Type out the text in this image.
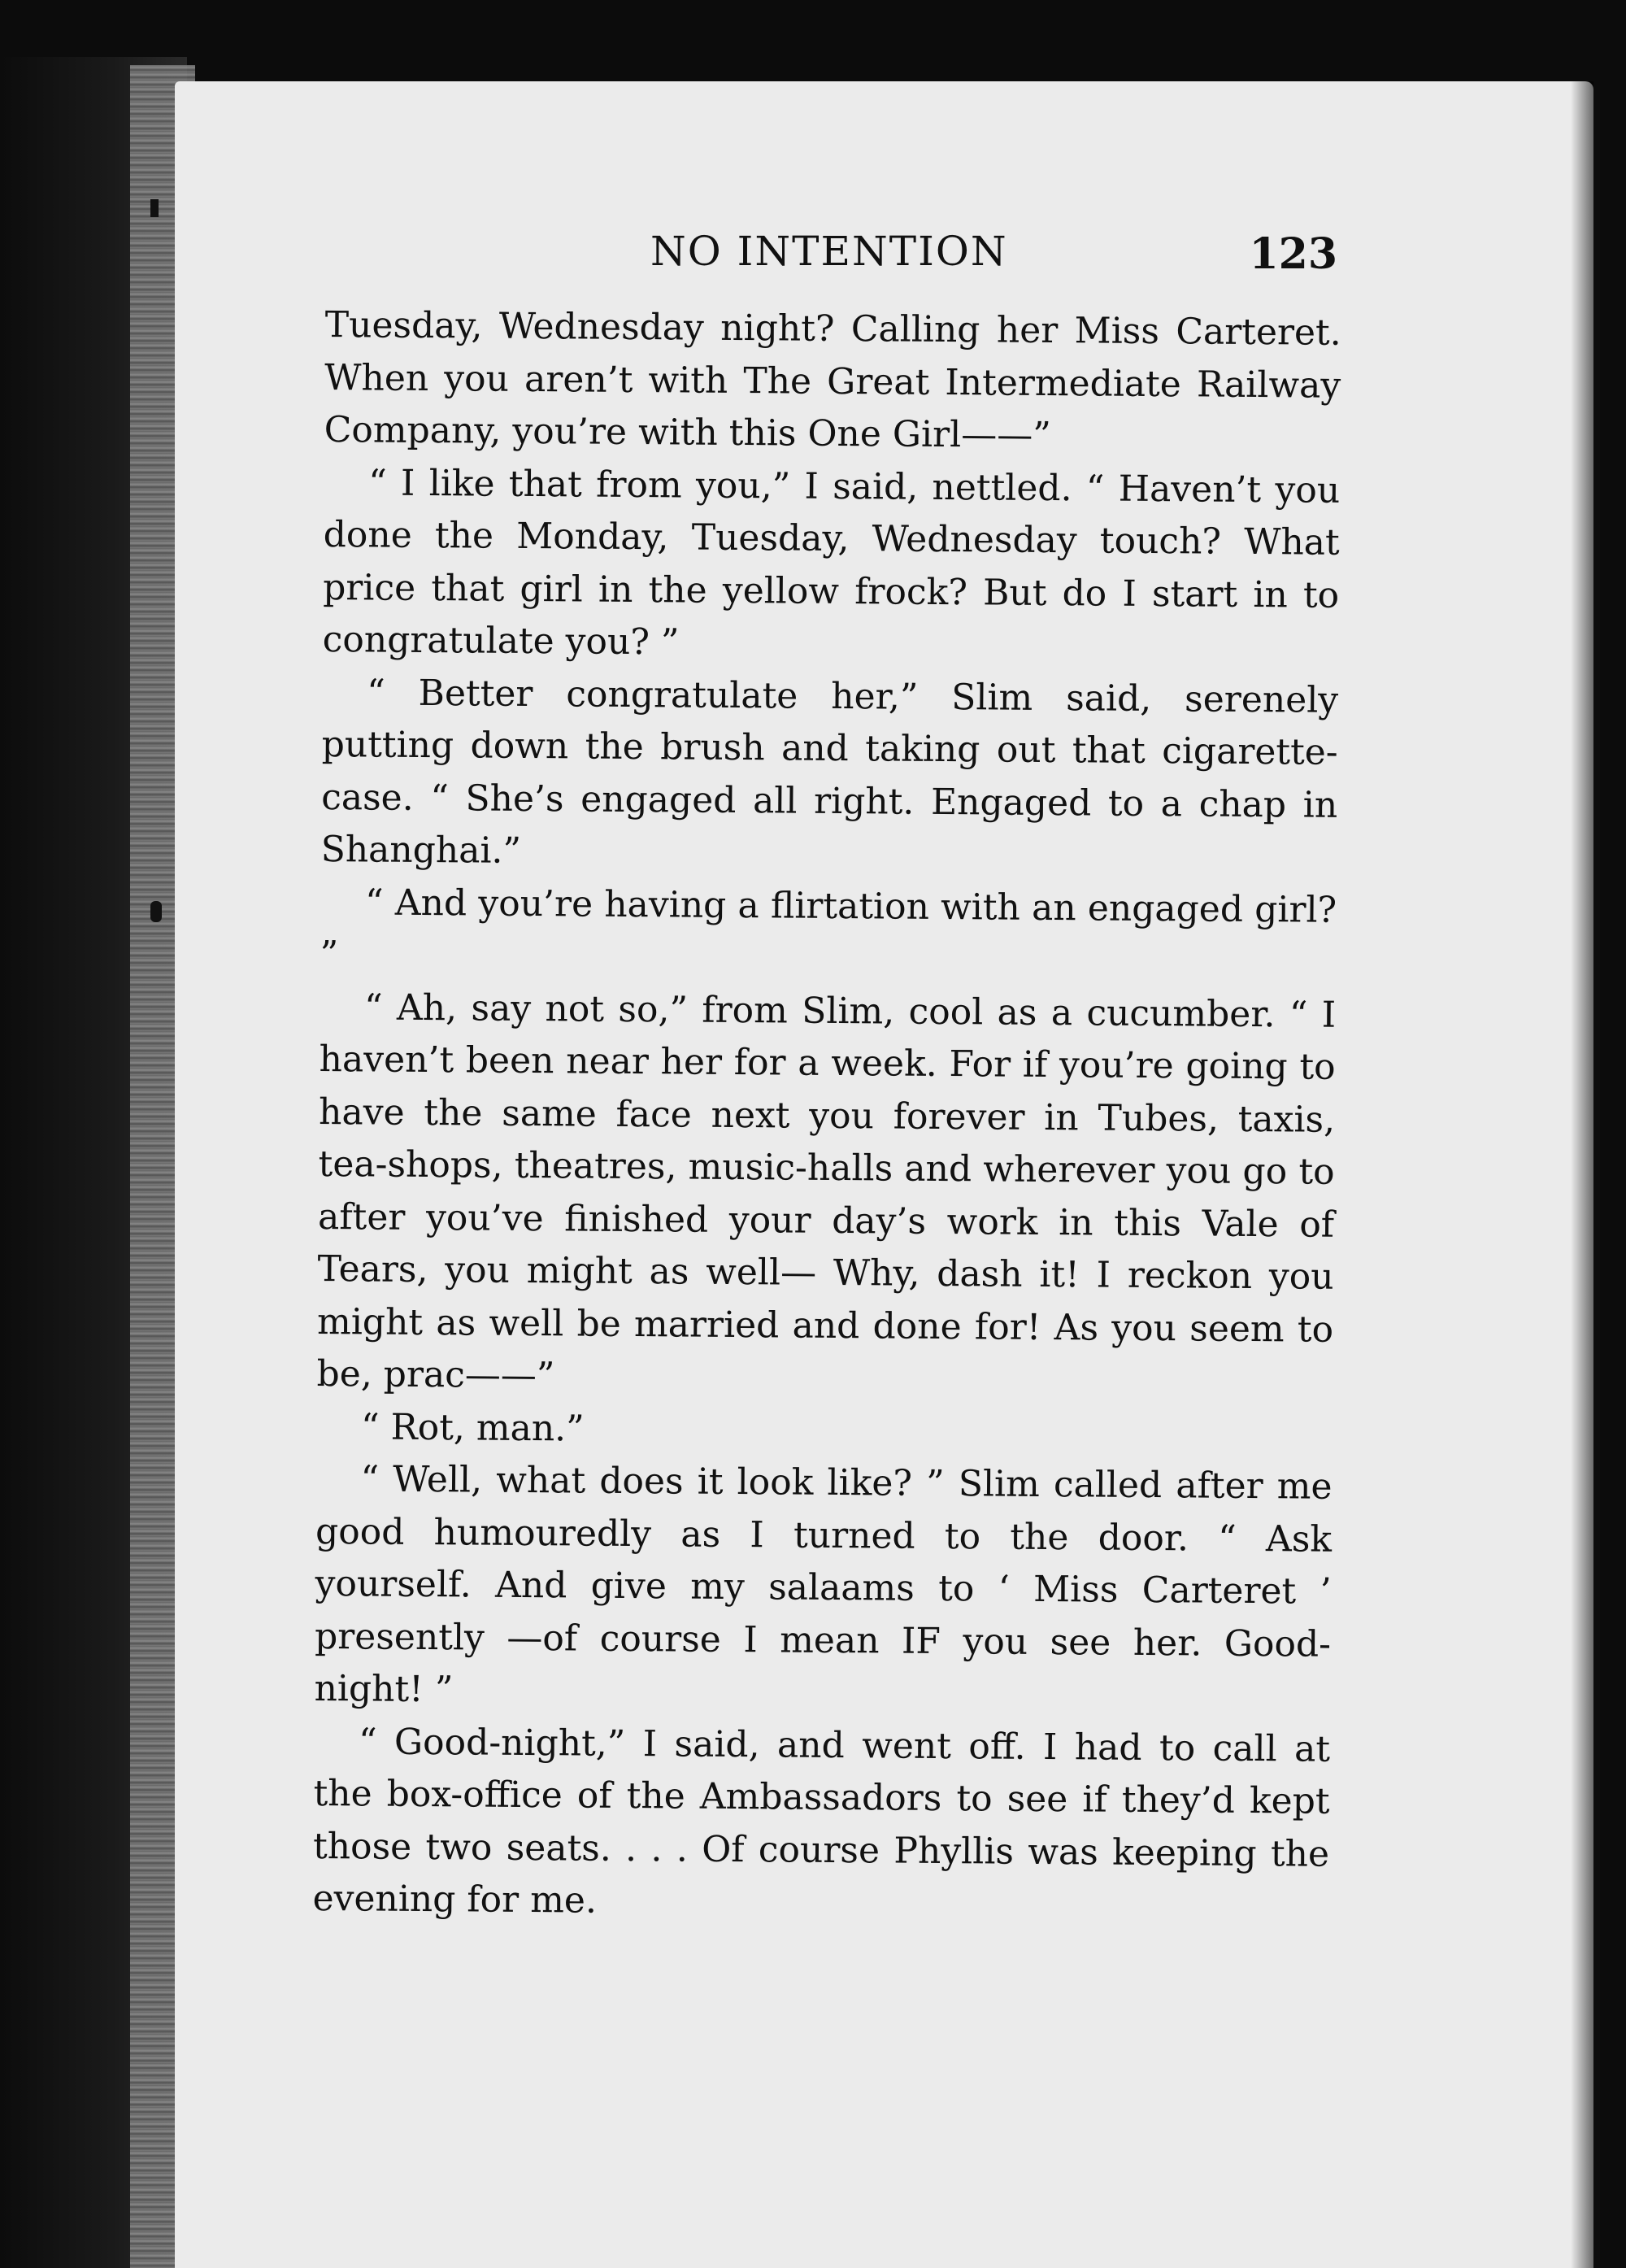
NO INTENTION	123

Tuesday, Wednesday night? Calling her Miss Carteret. When you aren’t with The Great Intermediate Railway Company, you’re with this One Girl——”

“ I like that from you,” I said, nettled. “ Haven’t you done the Monday, Tuesday, Wednesday touch? What price that girl in the yellow frock? But do I start in to congratulate you? ”

“ Better congratulate her,” Slim said, serenely putting down the brush and taking out that cigarette-case. “ She’s engaged all right. Engaged to a chap in Shanghai.”

“ And you’re having a flirtation with an engaged girl? ”

“ Ah, say not so,” from Slim, cool as a cucumber. “ I haven’t been near her for a week. For if you’re going to have the same face next you forever in Tubes, taxis, tea-shops, theatres, music-halls and wherever you go to after you’ve finished your day’s work in this Vale of Tears, you might as well— Why, dash it! I reckon you might as well be married and done for! As you seem to be, prac——”

“ Rot, man.”

“ Well, what does it look like? ” Slim called after me good humouredly as I turned to the door. “ Ask yourself. And give my salaams to ‘ Miss Carteret ’ presently —of course I mean IF you see her. Good-night! ”

“ Good-night,” I said, and went off. I had to call at the box-office of the Ambassadors to see if they’d kept those two seats. . . . Of course Phyllis was keeping the evening for me.
